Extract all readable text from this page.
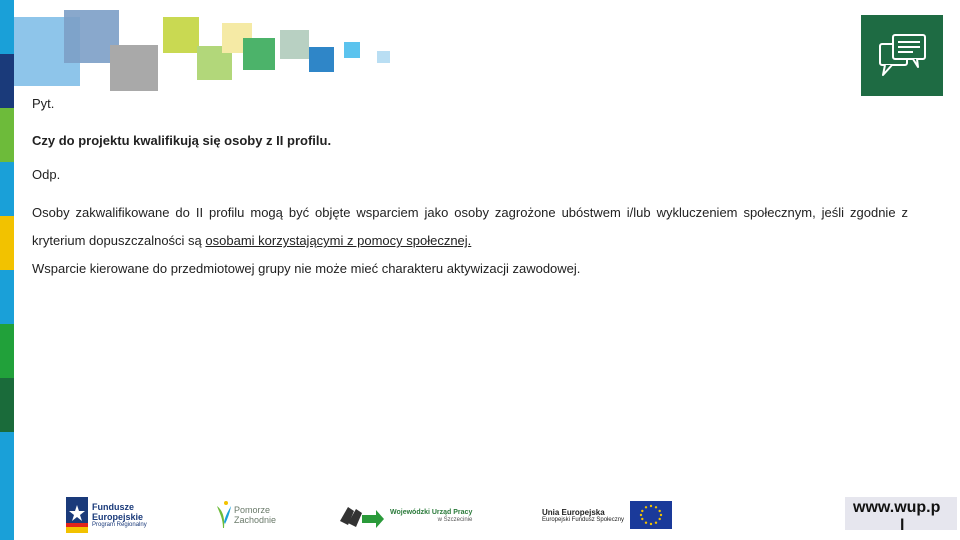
Pyt.

Czy do projektu kwalifikują się osoby z II profilu.

Odp.

Osoby zakwalifikowane do II profilu mogą być objęte wsparciem jako osoby zagrożone ubóstwem i/lub wykluczeniem społecznym, jeśli zgodnie z kryterium dopuszczalności są osobami korzystającymi z pomocy społecznej.

Wsparcie kierowane do przedmiotowej grupy nie może mieć charakteru aktywizacji zawodowej.

Fundusze
Europejskie
Program Regionalny
Pomorze
Zachodnie
Wojewódzki Urząd Pracy
w Szczecinie
Unia Europejska
Europejski Fundusz Społeczny
www.wup.p
l
